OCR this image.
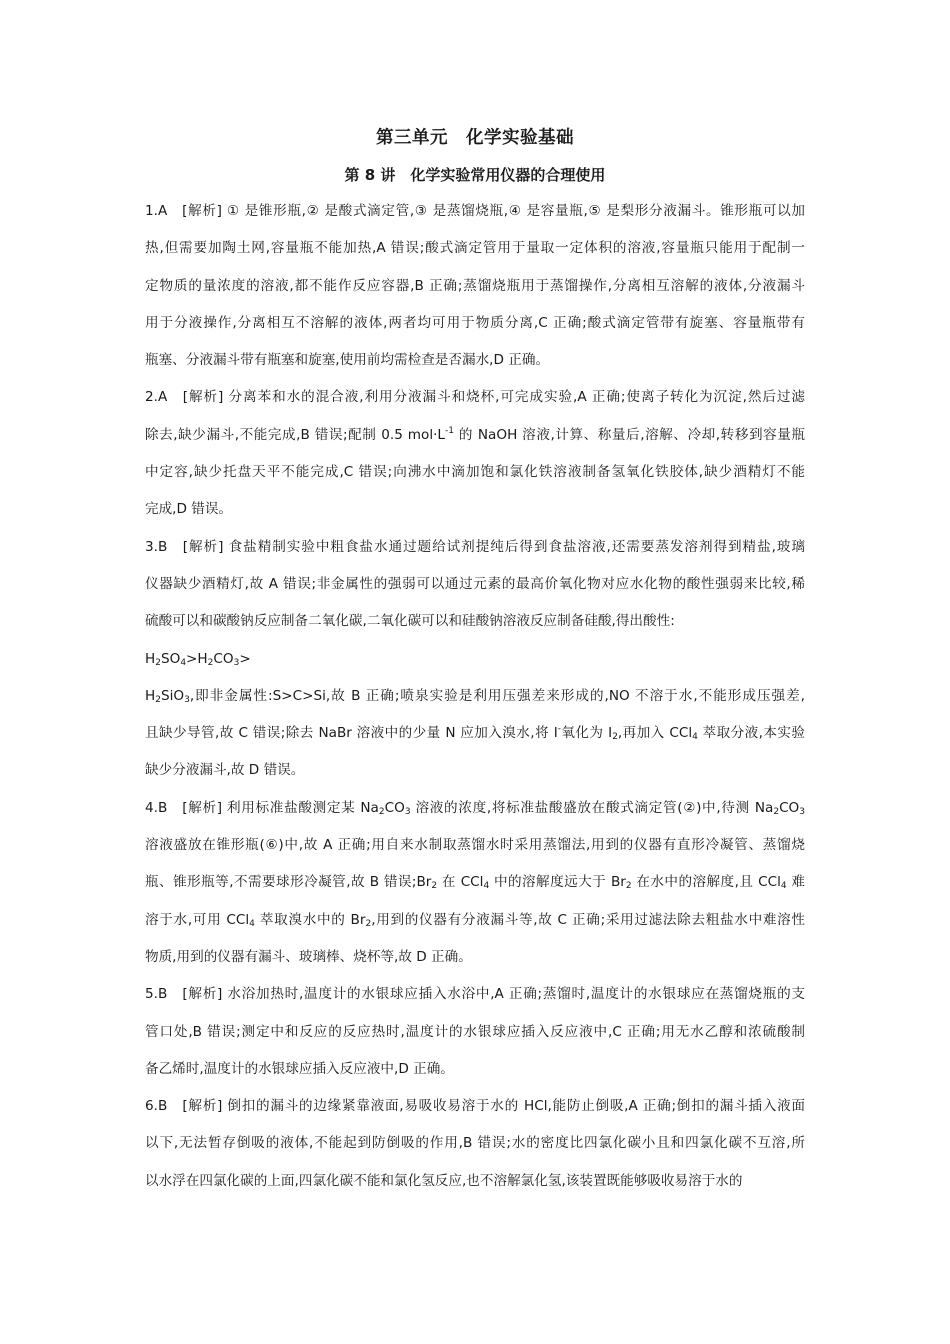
第三单元　化学实验基础
第 8 讲　化学实验常用仪器的合理使用
1.A　[解析] ① 是锥形瓶,② 是酸式滴定管,③ 是蒸馏烧瓶,④ 是容量瓶,⑤ 是梨形分液漏斗。锥形瓶可以加
热,但需要加陶土网,容量瓶不能加热,A 错误;酸式滴定管用于量取一定体积的溶液,容量瓶只能用于配制一
定物质的量浓度的溶液,都不能作反应容器,B 正确;蒸馏烧瓶用于蒸馏操作,分离相互溶解的液体,分液漏斗
用于分液操作,分离相互不溶解的液体,两者均可用于物质分离,C 正确;酸式滴定管带有旋塞、容量瓶带有
瓶塞、分液漏斗带有瓶塞和旋塞,使用前均需检查是否漏水,D 正确。
2.A　[解析] 分离苯和水的混合液,利用分液漏斗和烧杯,可完成实验,A 正确;使离子转化为沉淀,然后过滤
除去,缺少漏斗,不能完成,B 错误;配制 0.5 $mol\cdot L^{-1}$ 的 NaOH 溶液,计算、称量后,溶解、冷却,转移到容量瓶
中定容,缺少托盘天平不能完成,C 错误;向沸水中滴加饱和氯化铁溶液制备氢氧化铁胶体,缺少酒精灯不能
完成,D 错误。
3.B　[解析] 食盐精制实验中粗食盐水通过题给试剂提纯后得到食盐溶液,还需要蒸发溶剂得到精盐,玻璃
仪器缺少酒精灯,故 A 错误;非金属性的强弱可以通过元素的最高价氧化物对应水化物的酸性强弱来比较,稀
硫酸可以和碳酸钠反应制备二氧化碳,二氧化碳可以和硅酸钠溶液反应制备硅酸,得出酸性:
$H_2SO_4>H_2CO_3>$
$H_2SiO_3$,即非金属性:S>C>Si,故 B 正确;喷泉实验是利用压强差来形成的,NO 不溶于水,不能形成压强差,
且缺少导管,故 C 错误;除去 NaBr 溶液中的少量 N 应加入溴水,将 I-氧化为 $I_2$,再加入 CCl$_4$ 萃取分液,本实验
缺少分液漏斗,故 D 错误。
4.B　[解析] 利用标准盐酸测定某 $Na_2CO_3$ 溶液的浓度,将标准盐酸盛放在酸式滴定管(②)中,待测 $Na_2CO_3$
溶液盛放在锥形瓶(⑥)中,故 A 正确;用自来水制取蒸馏水时采用蒸馏法,用到的仪器有直形冷凝管、蒸馏烧
瓶、锥形瓶等,不需要球形冷凝管,故 B 错误$;Br_2$ 在 CCl$_4$ 中的溶解度远大于 $Br_2$ 在水中的溶解度,且 CCl$_4$ 难
溶于水,可用 CCl$_4$ 萃取溴水中的 $Br_2$,用到的仪器有分液漏斗等,故 C 正确;采用过滤法除去粗盐水中难溶性
物质,用到的仪器有漏斗、玻璃棒、烧杯等,故 D 正确。
5.B　[解析] 水浴加热时,温度计的水银球应插入水浴中,A 正确;蒸馏时,温度计的水银球应在蒸馏烧瓶的支
管口处,B 错误;测定中和反应的反应热时,温度计的水银球应插入反应液中,C 正确;用无水乙醇和浓硫酸制
备乙烯时,温度计的水银球应插入反应液中,D 正确。
6.B　[解析] 倒扣的漏斗的边缘紧靠液面,易吸收易溶于水的 HCl,能防止倒吸,A 正确;倒扣的漏斗插入液面
以下,无法暂存倒吸的液体,不能起到防倒吸的作用,B 错误;水的密度比四氯化碳小且和四氯化碳不互溶,所
以水浮在四氯化碳的上面,四氯化碳不能和氯化氢反应,也不溶解氯化氢,该装置既能够吸收易溶于水的
